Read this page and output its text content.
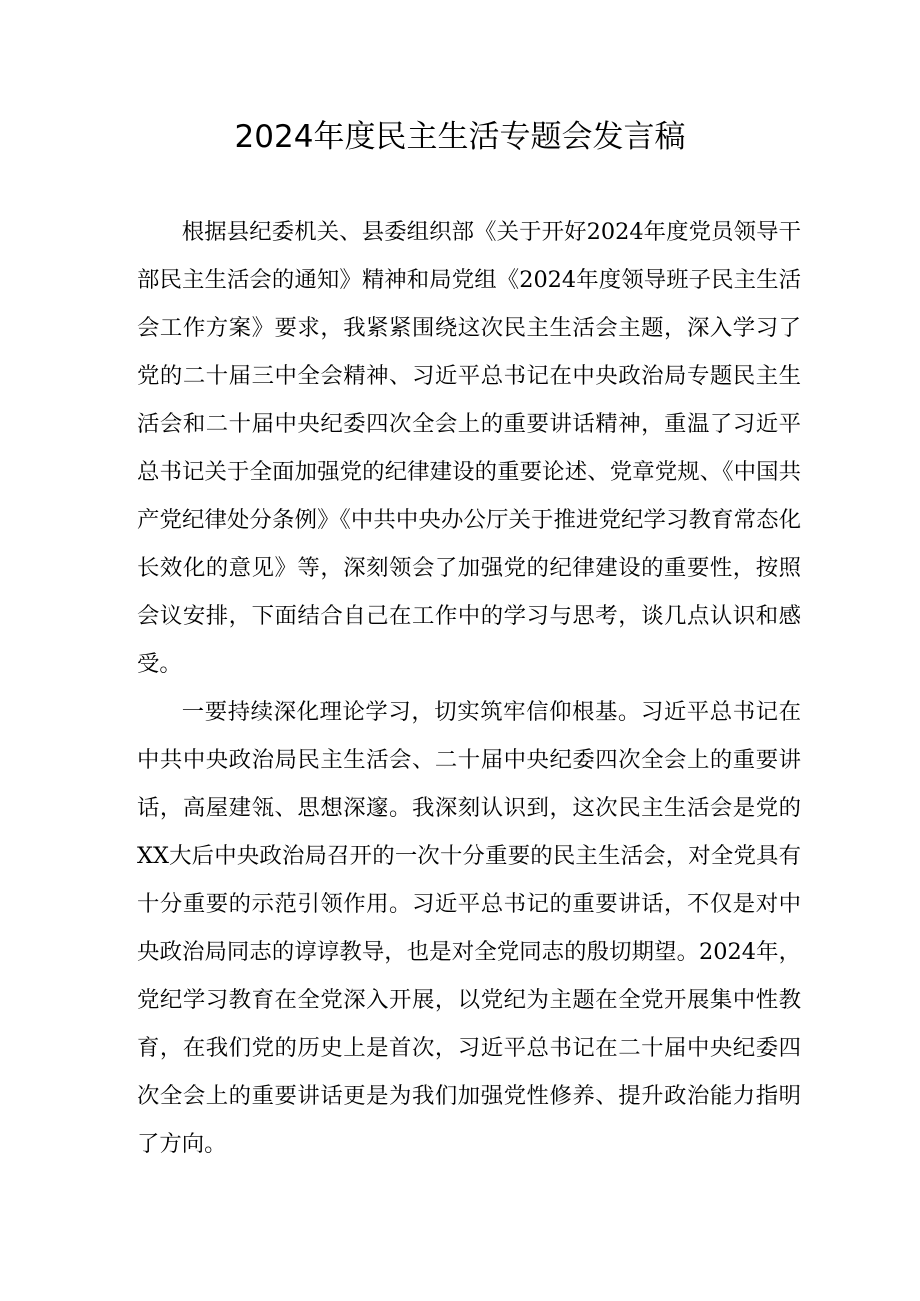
2024年度民主生活专题会发言稿

根据县纪委机关、县委组织部《关于开好2024年度党员领导干部民主生活会的通知》精神和局党组《2024年度领导班子民主生活会工作方案》要求，我紧紧围绕这次民主生活会主题，深入学习了党的二十届三中全会精神、习近平总书记在中央政治局专题民主生活会和二十届中央纪委四次全会上的重要讲话精神，重温了习近平总书记关于全面加强党的纪律建设的重要论述、党章党规、《中国共产党纪律处分条例》《中共中央办公厅关于推进党纪学习教育常态化长效化的意见》等，深刻领会了加强党的纪律建设的重要性，按照会议安排，下面结合自己在工作中的学习与思考，谈几点认识和感受。

一要持续深化理论学习，切实筑牢信仰根基。习近平总书记在中共中央政治局民主生活会、二十届中央纪委四次全会上的重要讲话，高屋建瓴、思想深邃。我深刻认识到，这次民主生活会是党的XX大后中央政治局召开的一次十分重要的民主生活会，对全党具有十分重要的示范引领作用。习近平总书记的重要讲话，不仅是对中央政治局同志的谆谆教导，也是对全党同志的殷切期望。2024年，党纪学习教育在全党深入开展，以党纪为主题在全党开展集中性教育，在我们党的历史上是首次，习近平总书记在二十届中央纪委四次全会上的重要讲话更是为我们加强党性修养、提升政治能力指明了方向。
